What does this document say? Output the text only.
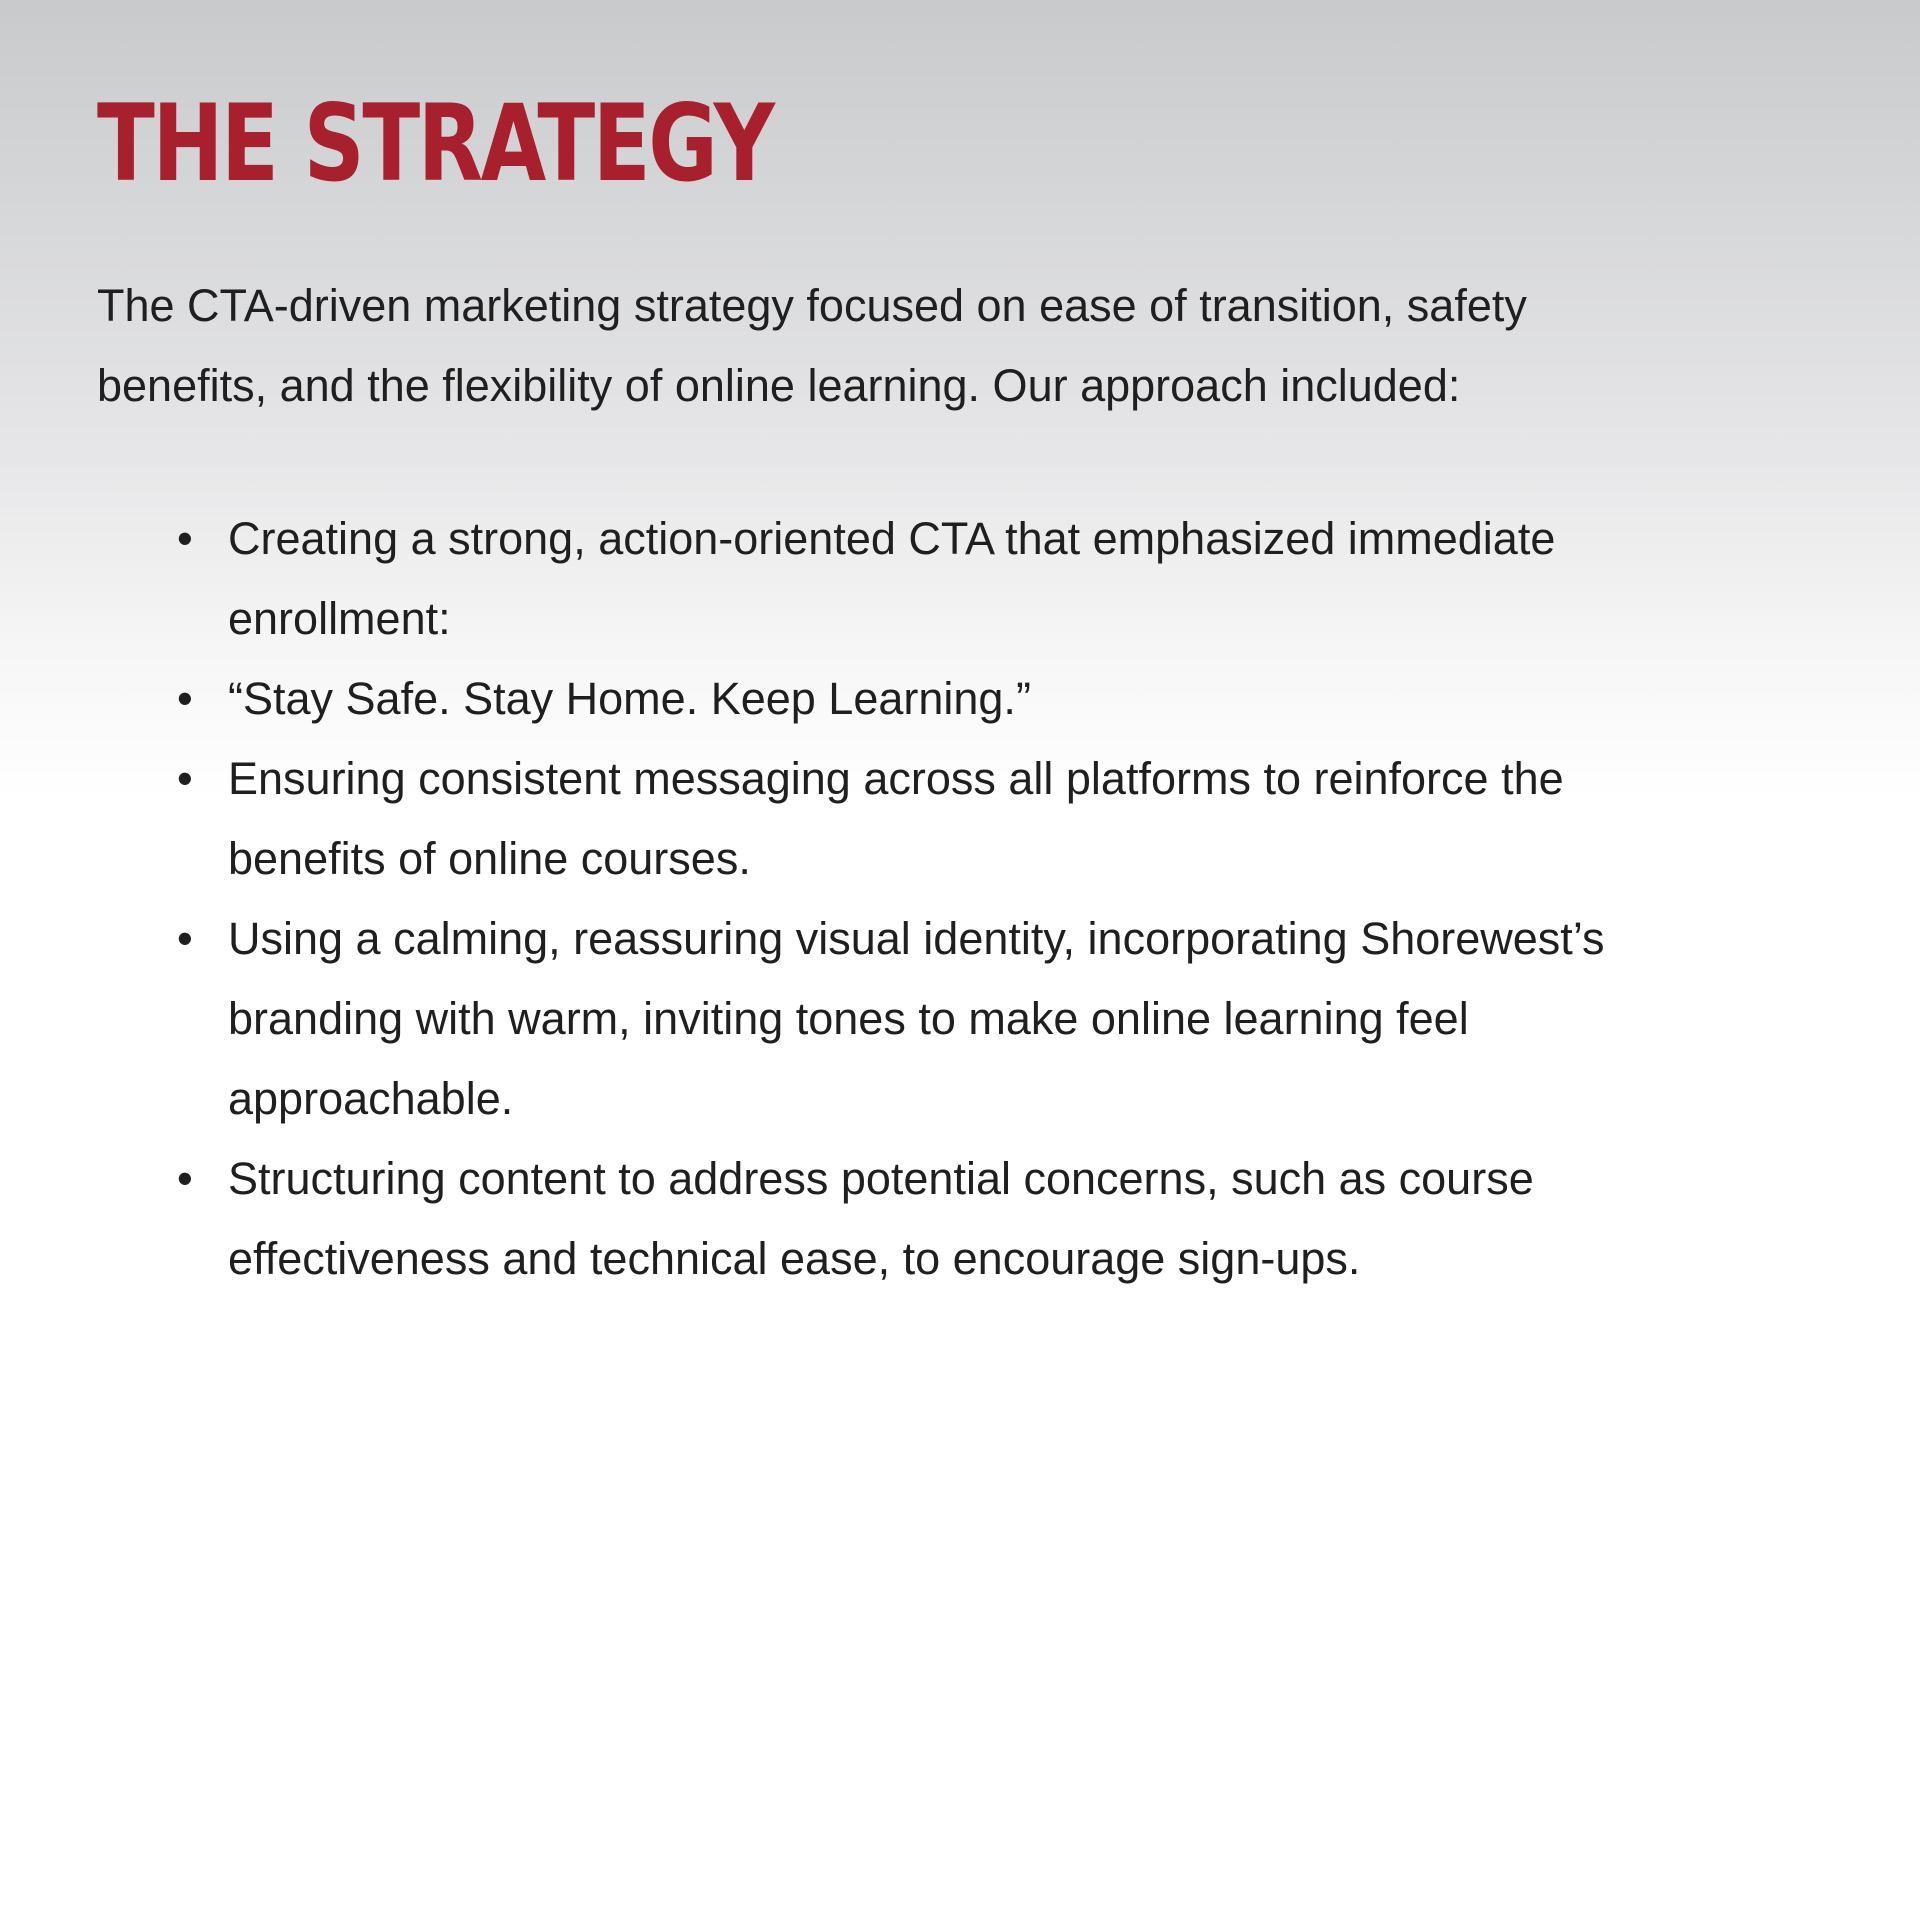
THE STRATEGY

The CTA-driven marketing strategy focused on ease of transition, safety benefits, and the flexibility of online learning. Our approach included:

• Creating a strong, action-oriented CTA that emphasized immediate enrollment:
• “Stay Safe. Stay Home. Keep Learning.”
• Ensuring consistent messaging across all platforms to reinforce the benefits of online courses.
• Using a calming, reassuring visual identity, incorporating Shorewest’s branding with warm, inviting tones to make online learning feel approachable.
• Structuring content to address potential concerns, such as course effectiveness and technical ease, to encourage sign-ups.
